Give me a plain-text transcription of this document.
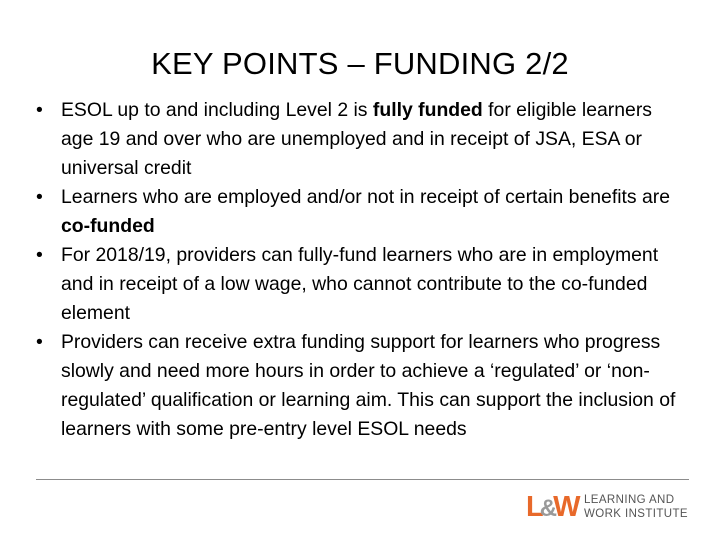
KEY POINTS – FUNDING 2/2
• ESOL up to and including Level 2 is fully funded for eligible learners age 19 and over who are unemployed and in receipt of JSA, ESA or universal credit
• Learners who are employed and/or not in receipt of certain benefits are co-funded
• For 2018/19, providers can fully-fund learners who are in employment and in receipt of a low wage, who cannot contribute to the co-funded element
• Providers can receive extra funding support for learners who progress slowly and need more hours in order to achieve a ‘regulated’ or ‘non-regulated’ qualification or learning aim. This can support the inclusion of learners with some pre-entry level ESOL needs
L&W LEARNING AND
WORK INSTITUTE
